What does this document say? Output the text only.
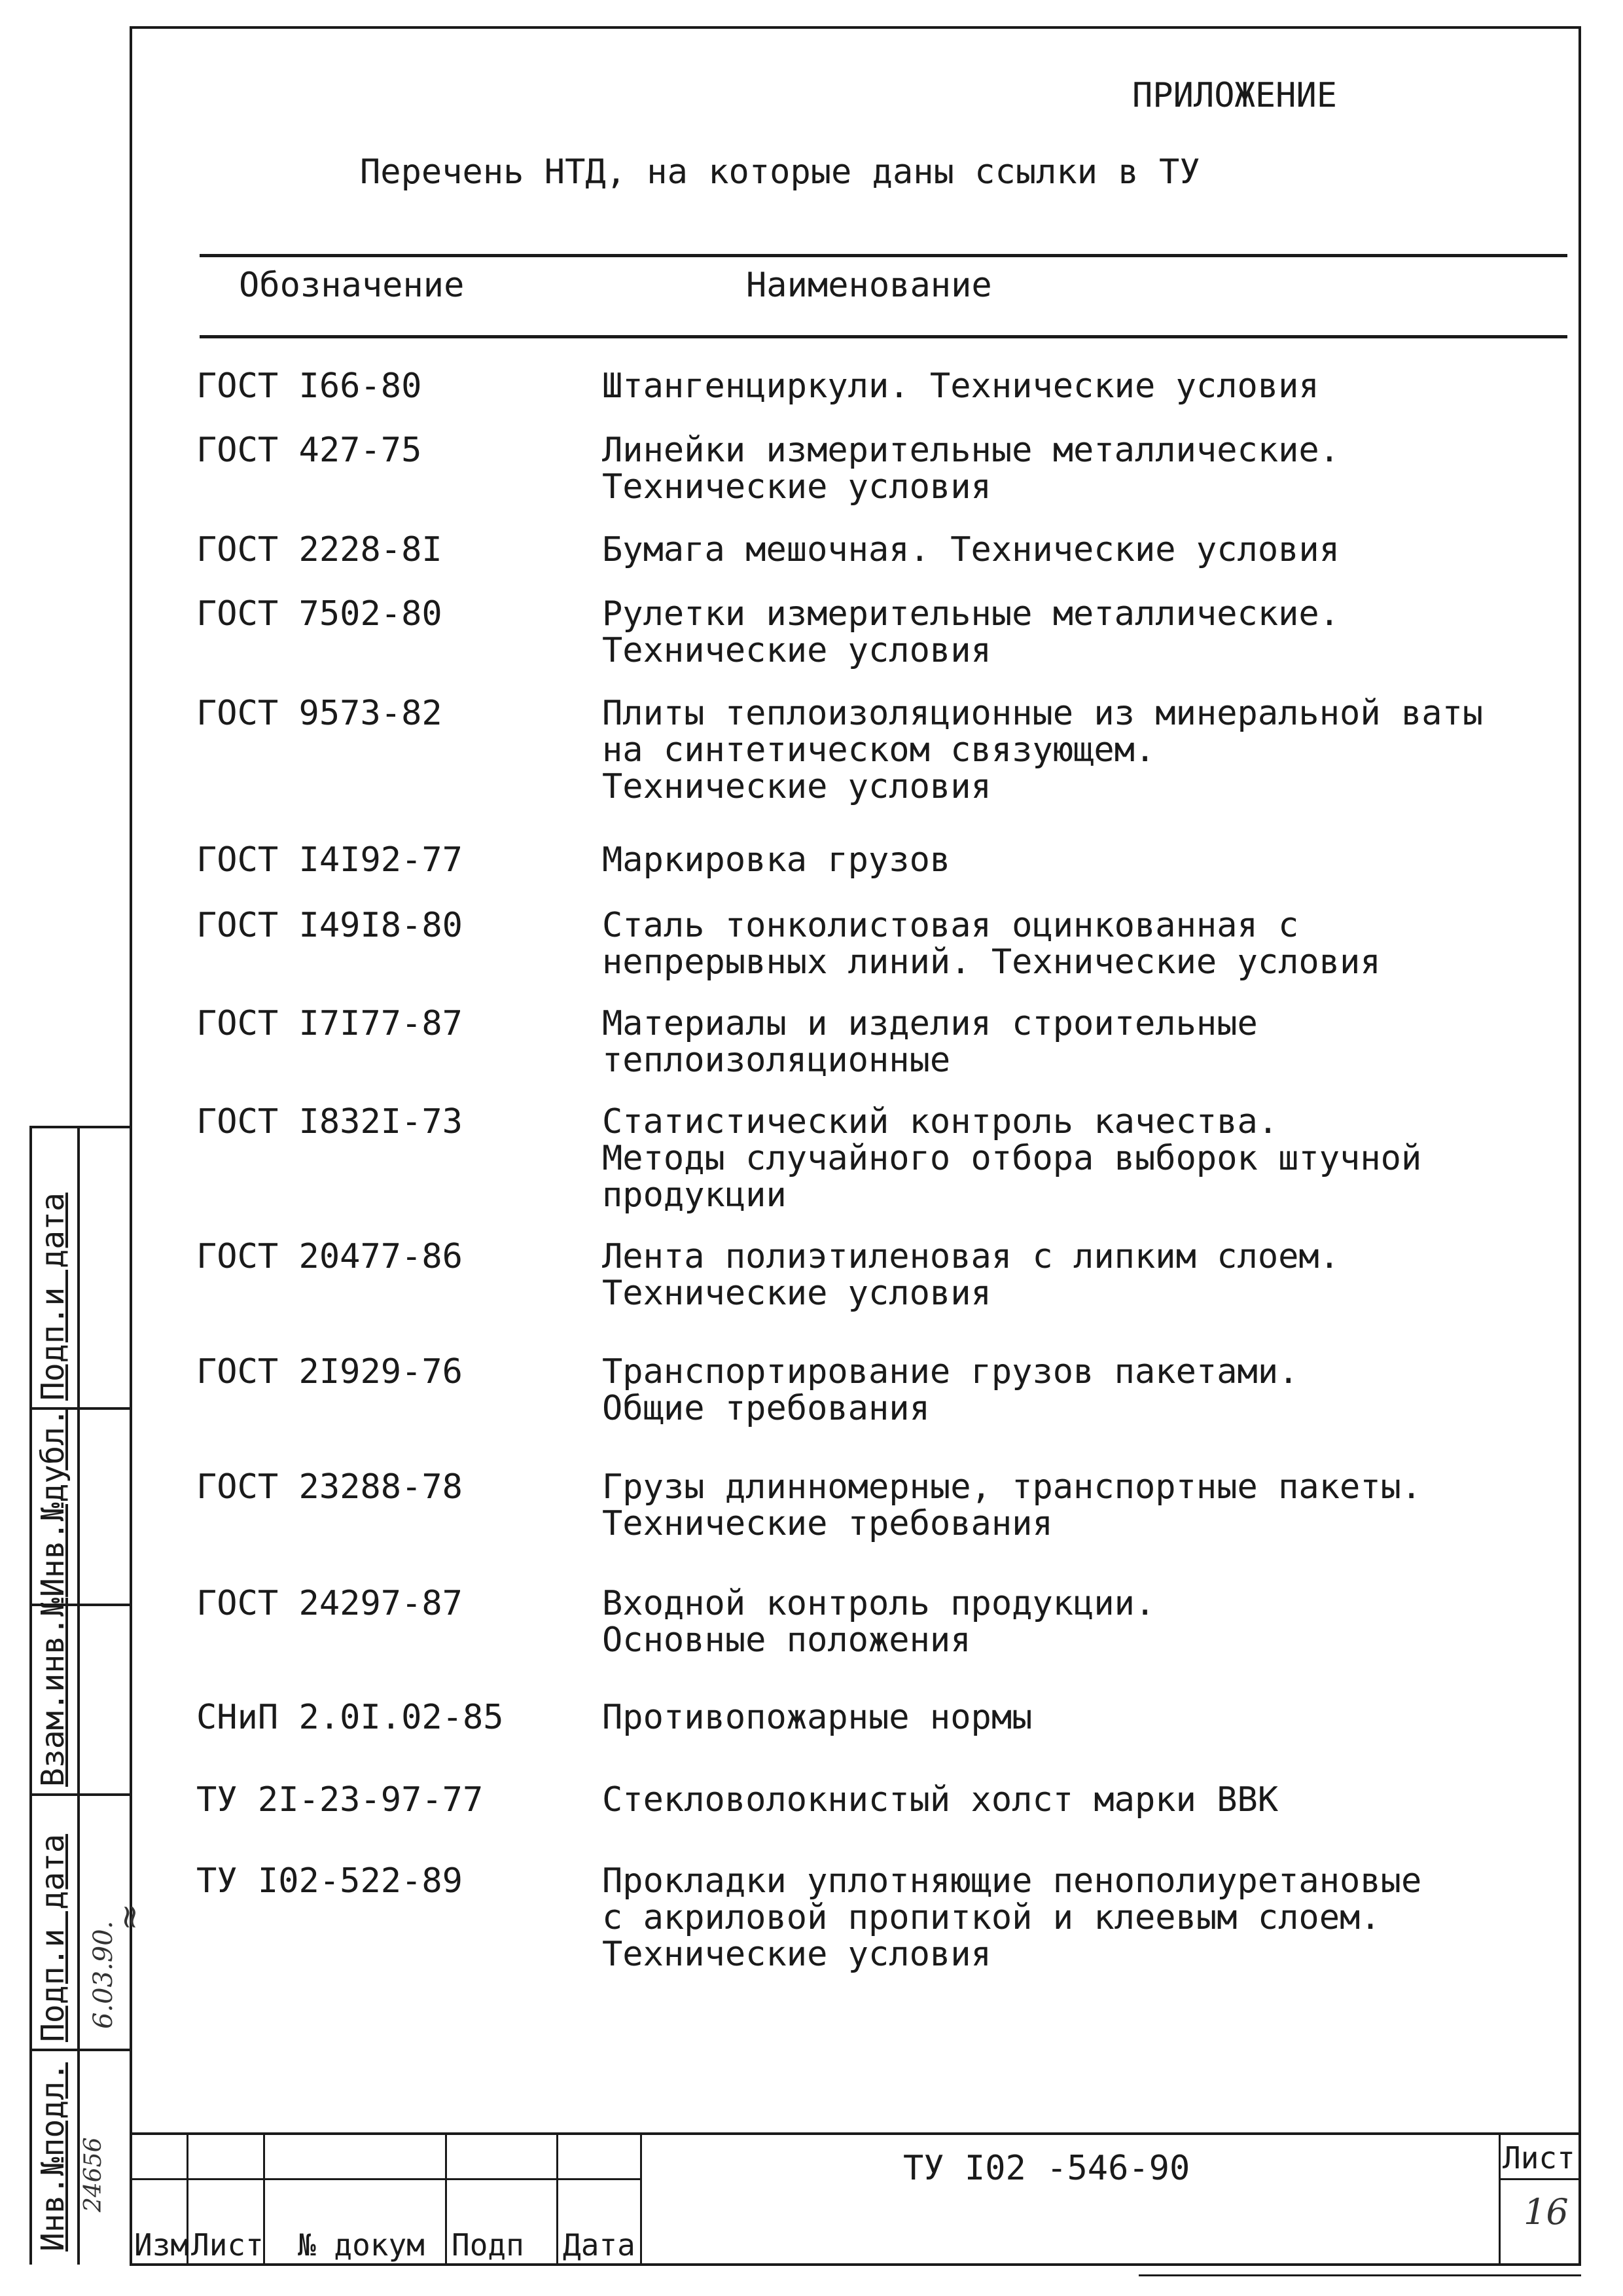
ПРИЛОЖЕНИЕ
Перечень НТД, на которые даны ссылки в ТУ
Обозначение	Наименование
ГОСТ I66-80	Штангенциркули. Технические условия
ГОСТ 427-75	Линейки измерительные металлические.
Технические условия
ГОСТ 2228-8I	Бумага мешочная. Технические условия
ГОСТ 7502-80	Рулетки измерительные металлические.
Технические условия
ГОСТ 9573-82	Плиты теплоизоляционные из минеральной ваты
на синтетическом связующем.
Технические условия
ГОСТ I4I92-77	Маркировка грузов
ГОСТ I49I8-80	Сталь тонколистовая оцинкованная с
непрерывных линий. Технические условия
ГОСТ I7I77-87	Материалы и изделия строительные
теплоизоляционные
ГОСТ I832I-73	Статистический контроль качества.
Методы случайного отбора выборок штучной
продукции
ГОСТ 20477-86	Лента полиэтиленовая с липким слоем.
Технические условия
ГОСТ 2I929-76	Транспортирование грузов пакетами.
Общие требования
ГОСТ 23288-78	Грузы длинномерные, транспортные пакеты.
Технические требования
ГОСТ 24297-87	Входной контроль продукции.
Основные положения
СНиП 2.0I.02-85	Противопожарные нормы
ТУ 2I-23-97-77	Стекловолокнистый холст марки ВВК
ТУ I02-522-89	Прокладки уплотняющие пенополиуретановые
с акриловой пропиткой и клеевым слоем.
Технические условия
Подп.и дата
Инв.№дубл.
Взам.инв.№
Подп.и дата
Инв.№подл.
6.03.90.
≈
24656
Изм Лист № докум Подп Дата
ТУ I02 -546-90	Лист
16
